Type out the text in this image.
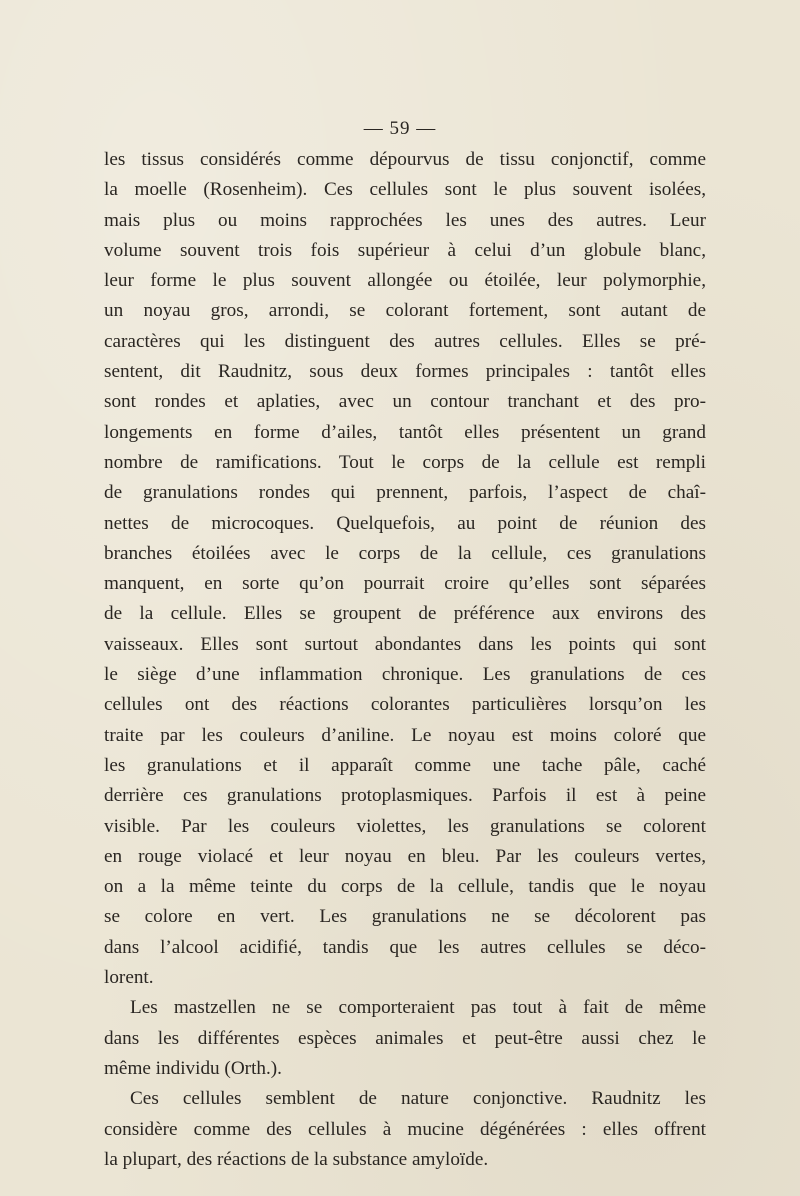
— 59 —
les tissus considérés comme dépourvus de tissu conjonctif, comme
la moelle (Rosenheim). Ces cellules sont le plus souvent isolées,
mais plus ou moins rapprochées les unes des autres. Leur
volume souvent trois fois supérieur à celui d’un globule blanc,
leur forme le plus souvent allongée ou étoilée, leur polymorphie,
un noyau gros, arrondi, se colorant fortement, sont autant de
caractères qui les distinguent des autres cellules. Elles se pré-
sentent, dit Raudnitz, sous deux formes principales : tantôt elles
sont rondes et aplaties, avec un contour tranchant et des pro-
longements en forme d’ailes, tantôt elles présentent un grand
nombre de ramifications. Tout le corps de la cellule est rempli
de granulations rondes qui prennent, parfois, l’aspect de chaî-
nettes de microcoques. Quelquefois, au point de réunion des
branches étoilées avec le corps de la cellule, ces granulations
manquent, en sorte qu’on pourrait croire qu’elles sont séparées
de la cellule. Elles se groupent de préférence aux environs des
vaisseaux. Elles sont surtout abondantes dans les points qui sont
le siège d’une inflammation chronique. Les granulations de ces
cellules ont des réactions colorantes particulières lorsqu’on les
traite par les couleurs d’aniline. Le noyau est moins coloré que
les granulations et il apparaît comme une tache pâle, caché
derrière ces granulations protoplasmiques. Parfois il est à peine
visible. Par les couleurs violettes, les granulations se colorent
en rouge violacé et leur noyau en bleu. Par les couleurs vertes,
on a la même teinte du corps de la cellule, tandis que le noyau
se colore en vert. Les granulations ne se décolorent pas
dans l’alcool acidifié, tandis que les autres cellules se déco-
lorent.
Les mastzellen ne se comporteraient pas tout à fait de même
dans les différentes espèces animales et peut-être aussi chez le
même individu (Orth.).
Ces cellules semblent de nature conjonctive. Raudnitz les
considère comme des cellules à mucine dégénérées : elles offrent
la plupart, des réactions de la substance amyloïde.
